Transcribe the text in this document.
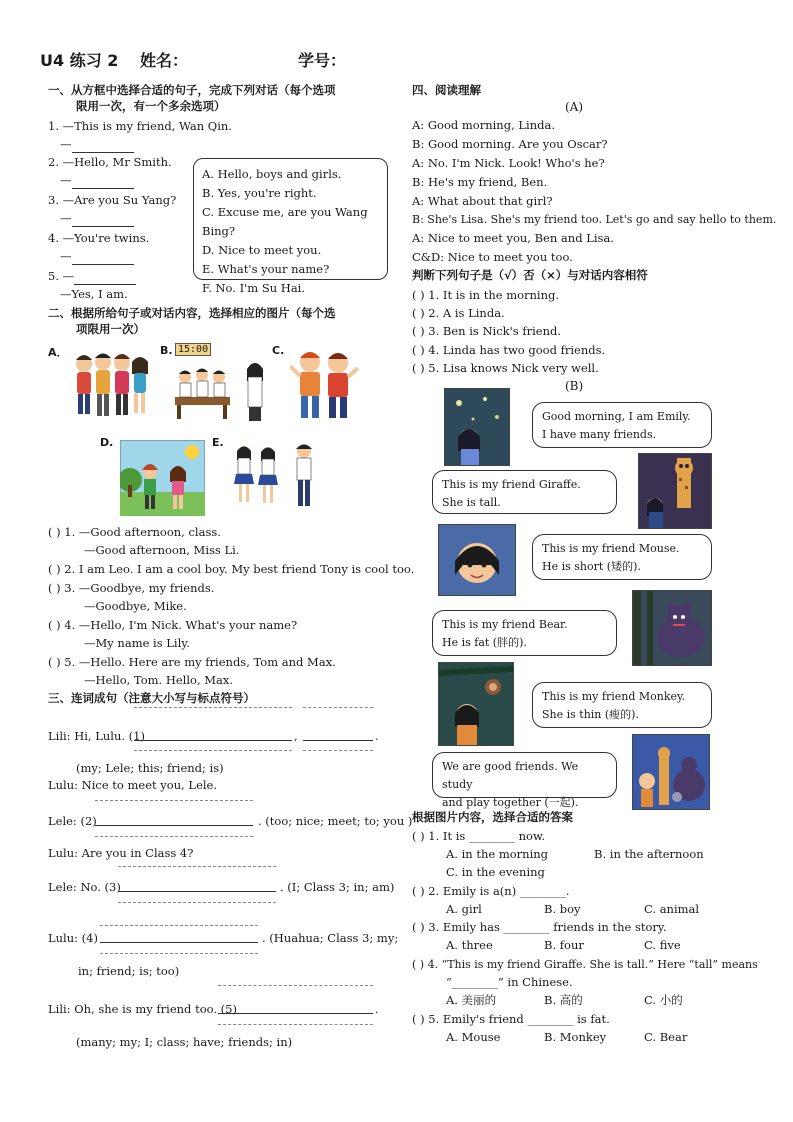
U4 练习 2 姓名：	学号：
一、从方框中选择合适的句子，完成下列对话（每个选项
限用一次，有一个多余选项）
1. —This is my friend, Wan Qin.
—
2. —Hello, Mr Smith.
—
3. —Are you Su Yang?
—
4. —You're twins.
—
5. —
—Yes, I am.
A. Hello, boys and girls.
B. Yes, you're right.
C. Excuse me, are you Wang Bing?
D. Nice to meet you.
E. What's your name?
F. No. I'm Su Hai.
二、根据所给句子或对话内容，选择相应的图片（每个选
项限用一次）
A．	B. 15:00	C.
D.	E.
( ) 1. —Good afternoon, class.
—Good afternoon, Miss Li.
( ) 2. I am Leo. I am a cool boy. My best friend Tony is cool too.
( ) 3. —Goodbye, my friends.
—Goodbye, Mike.
( ) 4. —Hello, I'm Nick. What's your name?
—My name is Lily.
( ) 5. —Hello. Here are my friends, Tom and Max.
—Hello, Tom. Hello, Max.
三、连词成句（注意大小写与标点符号）
Lili: Hi, Lulu. (1)	,	.
(my; Lele; this; friend; is)
Lulu: Nice to meet you, Lele.
Lele: (2)	. (too; nice; meet; to; you )
Lulu: Are you in Class 4?
Lele: No. (3)	. (I; Class 3; in; am)
Lulu: (4)	. (Huahua; Class 3; my;
in; friend; is; too)
Lili: Oh, she is my friend too. (5)	.
(many; my; I; class; have; friends; in)
四、阅读理解
(A)
A: Good morning, Linda.
B: Good morning. Are you Oscar?
A: No. I'm Nick. Look! Who's he?
B: He's my friend, Ben.
A: What about that girl?
B: She's Lisa. She's my friend too. Let's go and say hello to them.
A: Nice to meet you, Ben and Lisa.
C&D: Nice to meet you too.
判断下列句子是（√）否（×）与对话内容相符
( ) 1. It is in the morning.
( ) 2. A is Linda.
( ) 3. Ben is Nick's friend.
( ) 4. Linda has two good friends.
( ) 5. Lisa knows Nick very well.
(B)
Good morning, I am Emily.
I have many friends.
This is my friend Giraffe.
She is tall.
This is my friend Mouse.
He is short (矮的).
This is my friend Bear.
He is fat (胖的).
This is my friend Monkey.
She is thin (瘦的).
We are good friends. We study
and play together (一起).
根据图片内容，选择合适的答案
( ) 1. It is ________ now.
A. in the morning	B. in the afternoon
C. in the evening
( ) 2. Emily is a(n) ________.
A. girl	B. boy	C. animal
( ) 3. Emily has ________ friends in the story.
A. three	B. four	C. five
( ) 4. “This is my friend Giraffe. She is tall.” Here “tall” means
“________” in Chinese.
A. 美丽的	B. 高的	C. 小的
( ) 5. Emily's friend ________ is fat.
A. Mouse	B. Monkey	C. Bear
